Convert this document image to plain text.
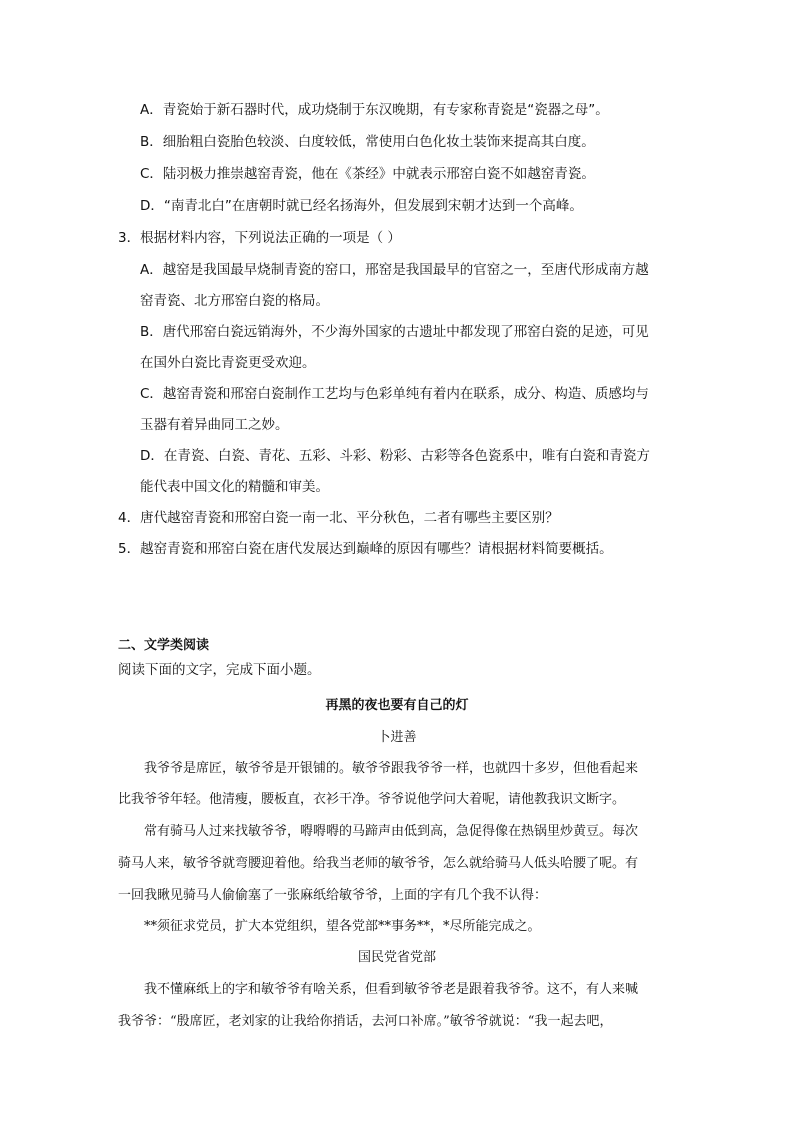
A．青瓷始于新石器时代，成功烧制于东汉晚期，有专家称青瓷是“瓷器之母”。
B．细胎粗白瓷胎色较淡、白度较低，常使用白色化妆土装饰来提高其白度。
C．陆羽极力推崇越窑青瓷，他在《茶经》中就表示邢窑白瓷不如越窑青瓷。
D．“南青北白”在唐朝时就已经名扬海外，但发展到宋朝才达到一个高峰。
3．根据材料内容，下列说法正确的一项是（ ）
A．越窑是我国最早烧制青瓷的窑口，邢窑是我国最早的官窑之一，至唐代形成南方越
窑青瓷、北方邢窑白瓷的格局。
B．唐代邢窑白瓷远销海外，不少海外国家的古遗址中都发现了邢窑白瓷的足迹，可见
在国外白瓷比青瓷更受欢迎。
C．越窑青瓷和邢窑白瓷制作工艺均与色彩单纯有着内在联系，成分、构造、质感均与
玉器有着异曲同工之妙。
D．在青瓷、白瓷、青花、五彩、斗彩、粉彩、古彩等各色瓷系中，唯有白瓷和青瓷方
能代表中国文化的精髓和审美。
4．唐代越窑青瓷和邢窑白瓷一南一北、平分秋色，二者有哪些主要区别？
5．越窑青瓷和邢窑白瓷在唐代发展达到巅峰的原因有哪些？请根据材料简要概括。
二、文学类阅读
阅读下面的文字，完成下面小题。
再黑的夜也要有自己的灯
卜进善
我爷爷是席匠，敏爷爷是开银铺的。敏爷爷跟我爷爷一样，也就四十多岁，但他看起来
比我爷爷年轻。他清瘦，腰板直，衣衫干净。爷爷说他学问大着呢，请他教我识文断字。
常有骑马人过来找敏爷爷，嘚嘚嘚的马蹄声由低到高，急促得像在热锅里炒黄豆。每次
骑马人来，敏爷爷就弯腰迎着他。给我当老师的敏爷爷，怎么就给骑马人低头哈腰了呢。有
一回我瞅见骑马人偷偷塞了一张麻纸给敏爷爷，上面的字有几个我不认得：
**须征求党员，扩大本党组织，望各党部**事务**，*尽所能完成之。
国民党省党部
我不懂麻纸上的字和敏爷爷有啥关系，但看到敏爷爷老是跟着我爷爷。这不，有人来喊
我爷爷：“殷席匠，老刘家的让我给你捎话，去河口补席。”敏爷爷就说：“我一起去吧，
